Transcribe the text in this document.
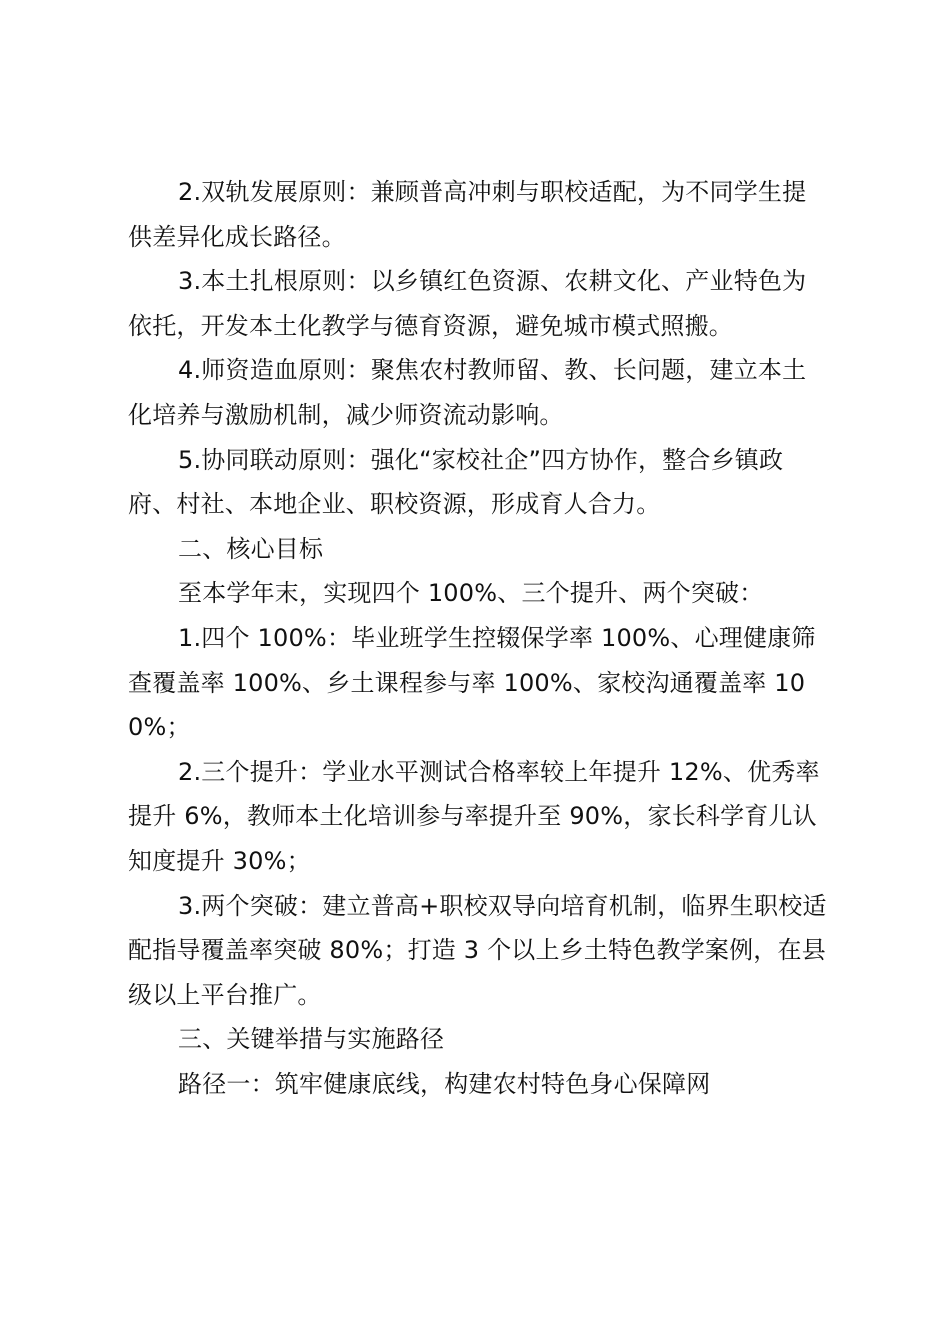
2.双轨发展原则：兼顾普高冲刺与职校适配，为不同学生提供差异化成长路径。

3.本土扎根原则：以乡镇红色资源、农耕文化、产业特色为依托，开发本土化教学与德育资源，避免城市模式照搬。

4.师资造血原则：聚焦农村教师留、教、长问题，建立本土化培养与激励机制，减少师资流动影响。

5.协同联动原则：强化“家校社企”四方协作，整合乡镇政府、村社、本地企业、职校资源，形成育人合力。

二、核心目标

至本学年末，实现四个 100%、三个提升、两个突破：

1.四个 100%：毕业班学生控辍保学率 100%、心理健康筛查覆盖率 100%、乡土课程参与率 100%、家校沟通覆盖率 100%；

2.三个提升：学业水平测试合格率较上年提升 12%、优秀率提升 6%，教师本土化培训参与率提升至 90%，家长科学育儿认知度提升 30%；

3.两个突破：建立普高+职校双导向培育机制，临界生职校适配指导覆盖率突破 80%；打造 3 个以上乡土特色教学案例，在县级以上平台推广。

三、关键举措与实施路径

路径一：筑牢健康底线，构建农村特色身心保障网
